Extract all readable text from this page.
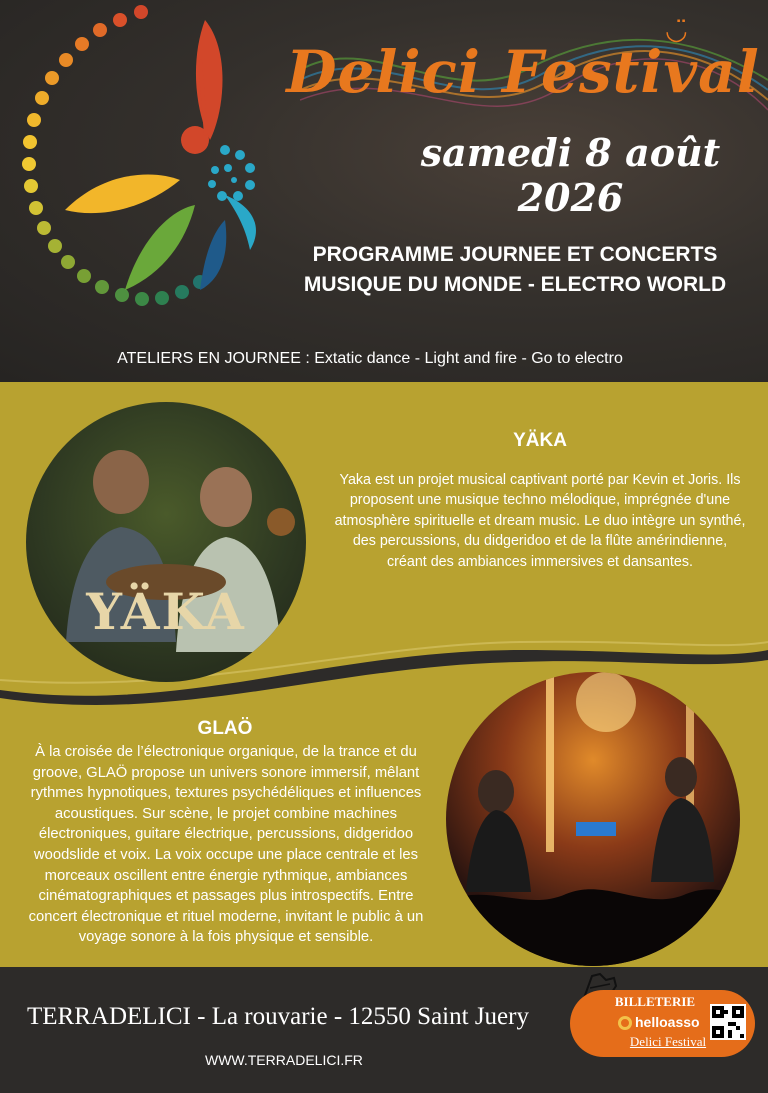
◡̈
Delici Festival
samedi 8 août 2026
PROGRAMME JOURNEE ET CONCERTS
MUSIQUE DU MONDE - ELECTRO WORLD
ATELIERS EN JOURNEE : Extatic dance - Light and fire - Go to electro
YÄKA
YÄKA
Yaka est un projet musical captivant porté par Kevin et Joris. Ils proposent une musique techno mélodique, imprégnée d'une atmosphère spirituelle et dream music. Le duo intègre un synthé, des percussions, du didgeridoo et de la flûte amérindienne, créant des ambiances immersives et dansantes.
GLAÖ
À la croisée de l’électronique organique, de la trance et du groove, GLAÖ propose un univers sonore immersif, mêlant rythmes hypnotiques, textures psychédéliques et influences acoustiques. Sur scène, le projet combine machines électroniques, guitare électrique, percussions, didgeridoo woodslide et voix. La voix occupe une place centrale et les morceaux oscillent entre énergie rythmique, ambiances cinématographiques et passages plus introspectifs. Entre concert électronique et rituel moderne, invitant le public à un voyage sonore à la fois physique et sensible.
TERRADELICI - La rouvarie - 12550 Saint Juery
WWW.TERRADELICI.FR
BILLETERIE
helloasso
Delici Festival
